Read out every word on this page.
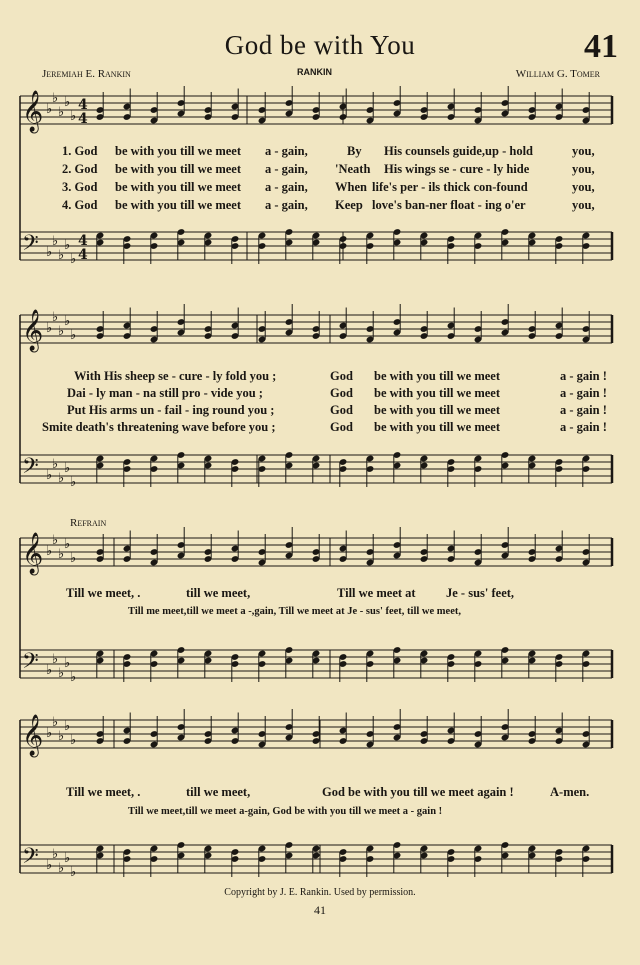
God be with You	41
Jeremiah E. Rankin	RANKIN	William G. Tomer
𝄞 ♭
♭
♭
♭
♭
4
4
𝄢 ♭
♭
♭
♭
♭
4
4
1. God be with you till we meet a - gain,	By His counsels guide,up - hold	you,
2. God be with you till we meet a - gain, 'Neath His wings se - cure - ly hide	you,
3. God be with you till we meet a - gain, When life's per - ils thick con-found	you,
4. God be with you till we meet a - gain, Keep love's ban-ner float - ing o'er	you,
𝄞 ♭
♭
♭
♭
♭
𝄢 ♭
♭
♭
♭
♭
With His sheep se - cure - ly fold you ;	God be with you till we meet	a - gain !
Dai - ly man - na still pro - vide you ;	God be with you till we meet	a - gain !
Put His arms un - fail - ing round you ;	God be with you till we meet	a - gain !
Smite death's threatening wave before you ;	God be with you till we meet	a - gain !
Refrain
𝄞 ♭
♭
♭
♭
♭
𝄢 ♭
♭
♭
♭
♭
Till we meet, .	till we meet,	Till we meet at Je - sus' feet,
Till me meet,till we meet a -,gain, Till we meet at Je - sus' feet, till we meet,
𝄞 ♭
♭
♭
♭
♭
𝄢 ♭
♭
♭
♭
♭
Till we meet, .	till we meet,	God be with you till we meet again !	A-men.
Till we meet,till we meet a-gain, God be with you till we meet a - gain !
Copyright by J. E. Rankin. Used by permission.
41
